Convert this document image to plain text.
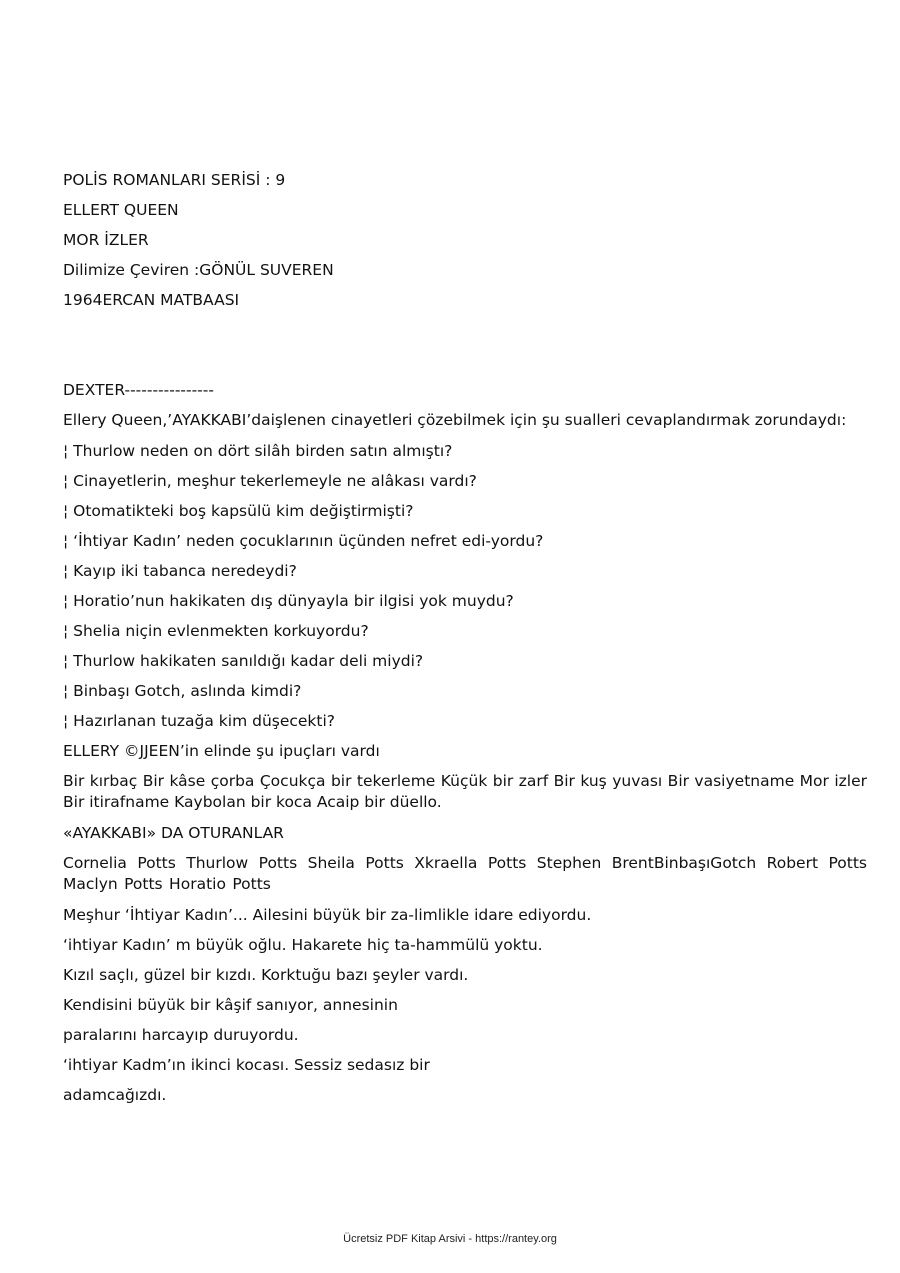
POLİS ROMANLARI SERİSİ : 9
ELLERT QUEEN
MOR İZLER
Dilimize Çeviren :GÖNÜL SUVEREN
1964ERCAN MATBAASI
DEXTER----------------
Ellery Queen,’AYAKKABI’daişlenen cinayetleri çözebilmek için şu sualleri cevaplandırmak zorundaydı:
¦ Thurlow neden on dört silâh birden satın almıştı?
¦ Cinayetlerin, meşhur tekerlemeyle ne alâkası vardı?
¦ Otomatikteki boş kapsülü kim değiştirmişti?
¦ ‘İhtiyar Kadın’ neden çocuklarının üçünden nefret edi-yordu?
¦ Kayıp iki tabanca neredeydi?
¦ Horatio’nun hakikaten dış dünyayla bir ilgisi yok muydu?
¦ Shelia niçin evlenmekten korkuyordu?
¦ Thurlow hakikaten sanıldığı kadar deli miydi?
¦ Binbaşı Gotch, aslında kimdi?
¦ Hazırlanan tuzağa kim düşecekti?
ELLERY ©JJEEN’in elinde şu ipuçları vardı
Bir kırbaç Bir kâse çorba Çocukça bir tekerleme Küçük bir zarf Bir kuş yuvası Bir vasiyetname Mor izler Bir itirafname Kaybolan bir koca Acaip bir düello.
«AYAKKABI» DA OTURANLAR
Cornelia Potts Thurlow Potts Sheila Potts Xkraella Potts Stephen BrentBinbaşıGotch Robert Potts Maclyn Potts Horatio Potts
Meşhur ‘İhtiyar Kadın’... Ailesini büyük bir za-limlikle idare ediyordu.
‘ihtiyar Kadın’ m büyük oğlu. Hakarete hiç ta-hammülü yoktu.
Kızıl saçlı, güzel bir kızdı. Korktuğu bazı şeyler vardı.
Kendisini büyük bir kâşif sanıyor, annesinin
paralarını harcayıp duruyordu.
‘ihtiyar Kadm’ın ikinci kocası. Sessiz sedasız bir
adamcağızdı.
Ücretsiz PDF Kitap Arsivi - https://rantey.org
